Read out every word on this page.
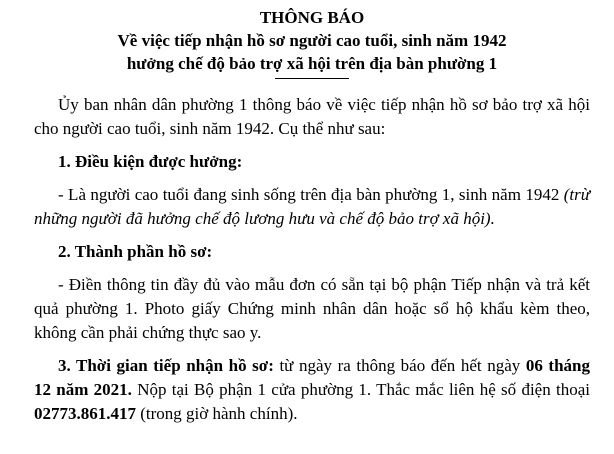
THÔNG BÁO
Về việc tiếp nhận hồ sơ người cao tuổi, sinh năm 1942
hưởng chế độ bảo trợ xã hội trên địa bàn phường 1

Ủy ban nhân dân phường 1 thông báo về việc tiếp nhận hồ sơ bảo trợ xã hội cho người cao tuổi, sinh năm 1942. Cụ thể như sau:

1. Điều kiện được hưởng:

- Là người cao tuổi đang sinh sống trên địa bàn phường 1, sinh năm 1942 (trừ những người đã hưởng chế độ lương hưu và chế độ bảo trợ xã hội).

2. Thành phần hồ sơ:

- Điền thông tin đầy đủ vào mẫu đơn có sẵn tại bộ phận Tiếp nhận và trả kết quả phường 1. Photo giấy Chứng minh nhân dân hoặc sổ hộ khẩu kèm theo, không cần phải chứng thực sao y.

3. Thời gian tiếp nhận hồ sơ: từ ngày ra thông báo đến hết ngày 06 tháng 12 năm 2021. Nộp tại Bộ phận 1 cửa phường 1. Thắc mắc liên hệ số điện thoại 02773.861.417 (trong giờ hành chính).
